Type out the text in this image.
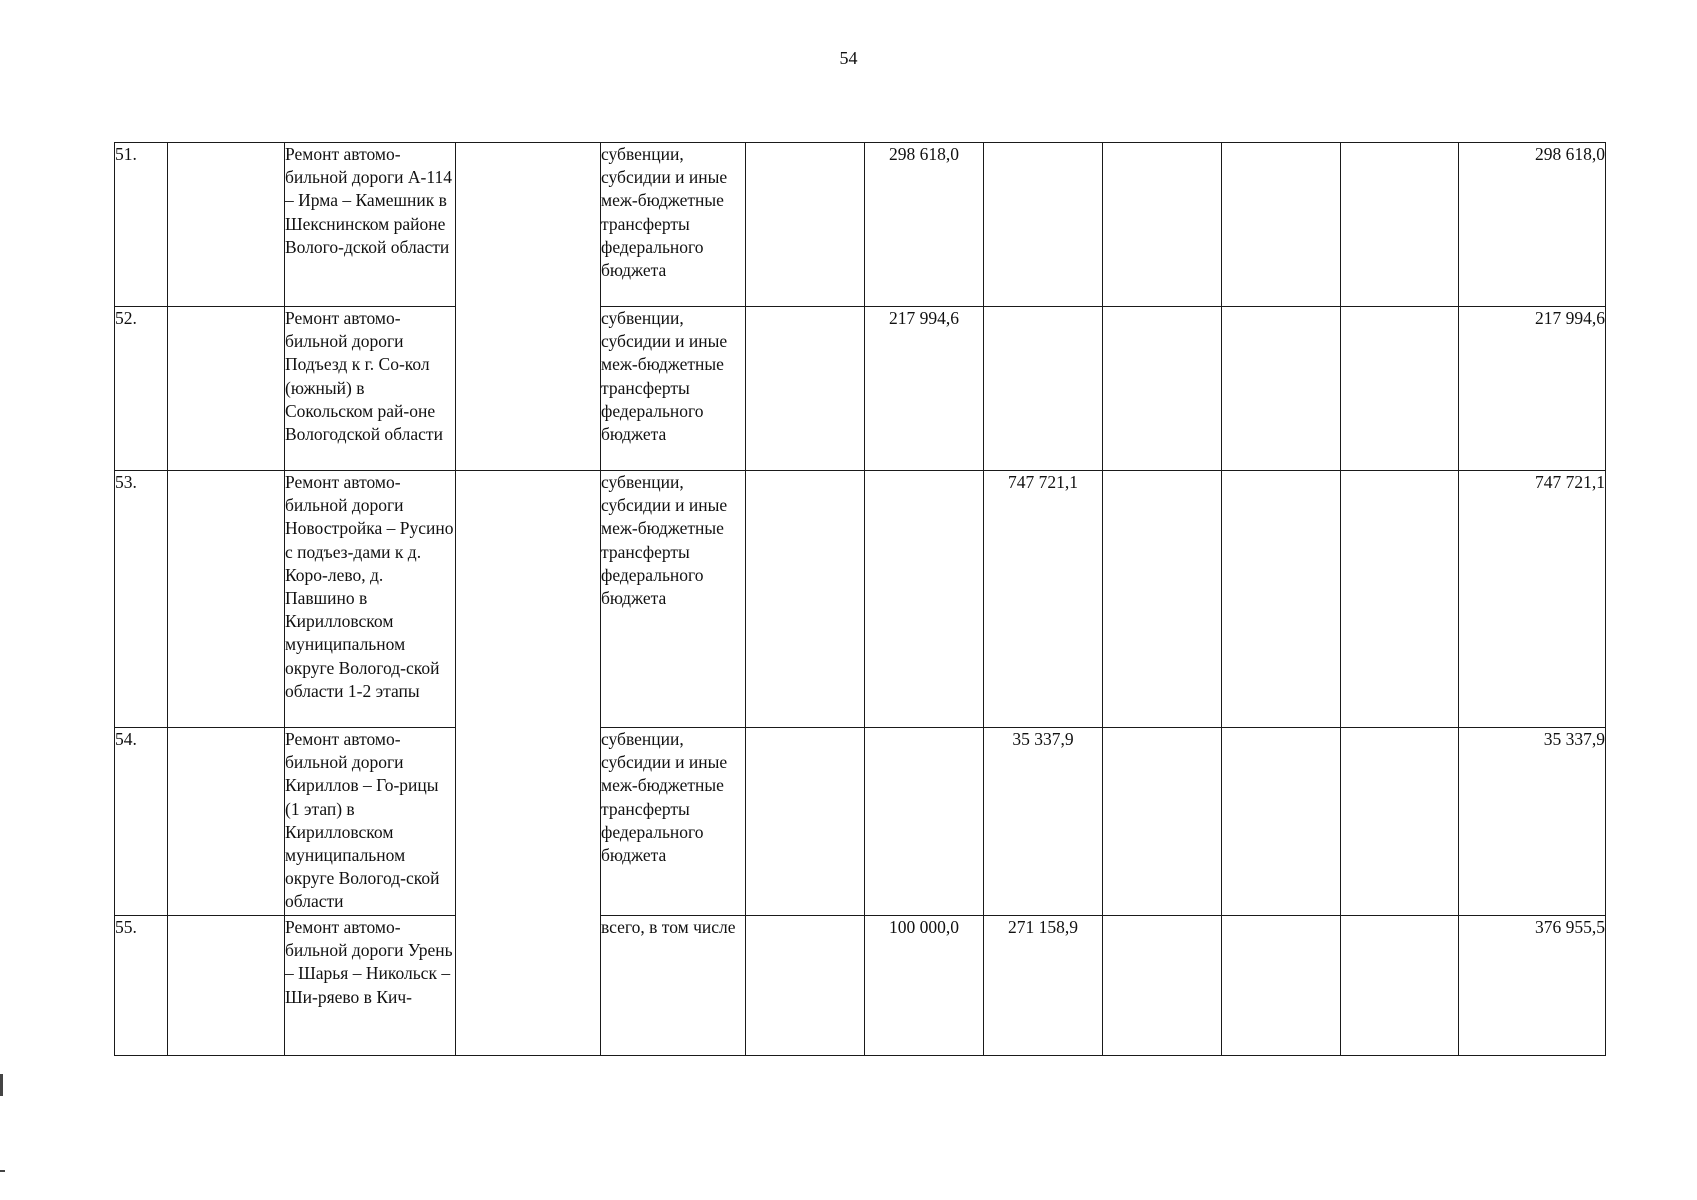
54
51.		Ремонт автомо-бильной дороги А-114 – Ирма – Камешник в Шекснинском районе Волого-дской области		субвенции, субсидии и иные меж-бюджетные трансферты федерального бюджета		298 618,0					298 618,0
52.		Ремонт автомо-бильной дороги Подъезд к г. Со-кол (южный) в Сокольском рай-оне Вологодской области		субвенции, субсидии и иные меж-бюджетные трансферты федерального бюджета		217 994,6					217 994,6
53.		Ремонт автомо-бильной дороги Новостройка – Русино с подъез-дами к д. Коро-лево, д. Павшино в Кирилловском муниципальном округе Вологод-ской области 1-2 этапы		субвенции, субсидии и иные меж-бюджетные трансферты федерального бюджета			747 721,1				747 721,1
54.		Ремонт автомо-бильной дороги Кириллов – Го-рицы (1 этап) в Кирилловском муниципальном округе Вологод-ской области		субвенции, субсидии и иные меж-бюджетные трансферты федерального бюджета			35 337,9				35 337,9
55.		Ремонт автомо-бильной дороги Урень – Шарья – Никольск – Ши-ряево в Кич-		всего, в том числе		100 000,0	271 158,9				376 955,5
